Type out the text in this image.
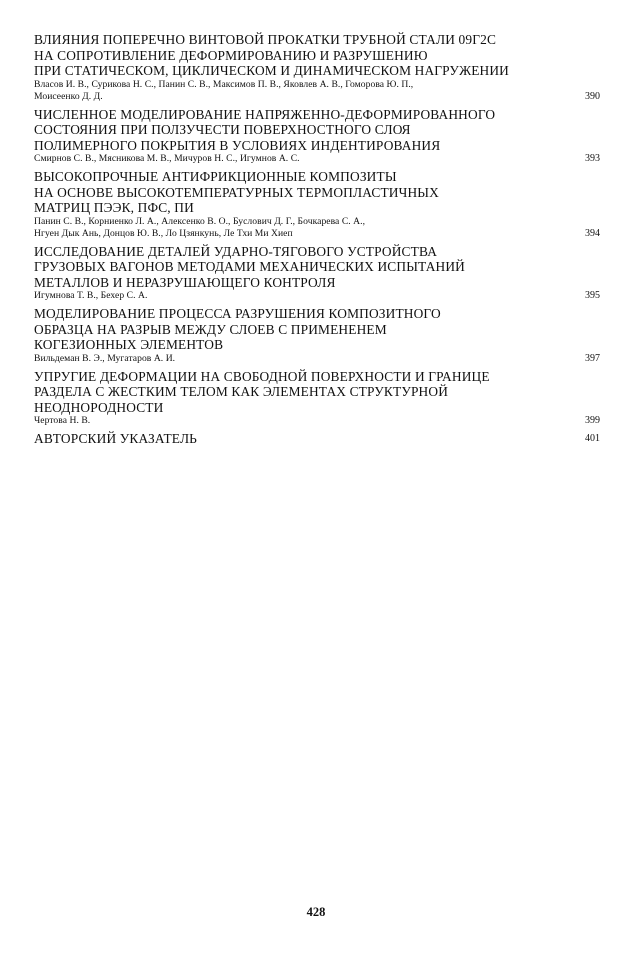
ВЛИЯНИЯ ПОПЕРЕЧНО ВИНТОВОЙ ПРОКАТКИ ТРУБНОЙ СТАЛИ 09Г2С
НА СОПРОТИВЛЕНИЕ ДЕФОРМИРОВАНИЮ И РАЗРУШЕНИЮ
ПРИ СТАТИЧЕСКОМ, ЦИКЛИЧЕСКОМ И ДИНАМИЧЕСКОМ НАГРУЖЕНИИ
Власов И. В., Сурикова Н. С., Панин С. В., Максимов П. В., Яковлев А. В., Гоморова Ю. П.,
Моисеенко Д. Д.	390
ЧИСЛЕННОЕ МОДЕЛИРОВАНИЕ НАПРЯЖЕННО-ДЕФОРМИРОВАННОГО
СОСТОЯНИЯ ПРИ ПОЛЗУЧЕСТИ ПОВЕРХНОСТНОГО СЛОЯ
ПОЛИМЕРНОГО ПОКРЫТИЯ В УСЛОВИЯХ ИНДЕНТИРОВАНИЯ
Смирнов С. В., Мясникова М. В., Мичуров Н. С., Игумнов А. С.	393
ВЫСОКОПРОЧНЫЕ АНТИФРИКЦИОННЫЕ КОМПОЗИТЫ
НА ОСНОВЕ ВЫСОКОТЕМПЕРАТУРНЫХ ТЕРМОПЛАСТИЧНЫХ
МАТРИЦ ПЭЭК, ПФС, ПИ
Панин С. В., Корниенко Л. А., Алексенко В. О., Буслович Д. Г., Бочкарева С. А.,
Нгуен Дык Ань, Донцов Ю. В., Ло Цзянкунь, Ле Тхи Ми Хиеп	394
ИССЛЕДОВАНИЕ ДЕТАЛЕЙ УДАРНО-ТЯГОВОГО УСТРОЙСТВА
ГРУЗОВЫХ ВАГОНОВ МЕТОДАМИ МЕХАНИЧЕСКИХ ИСПЫТАНИЙ
МЕТАЛЛОВ И НЕРАЗРУШАЮЩЕГО КОНТРОЛЯ
Игумнова Т. В., Бехер С. А.	395
МОДЕЛИРОВАНИЕ ПРОЦЕССА РАЗРУШЕНИЯ КОМПОЗИТНОГО
ОБРАЗЦА НА РАЗРЫВ МЕЖДУ СЛОЕВ С ПРИМЕНЕНЕМ
КОГЕЗИОННЫХ ЭЛЕМЕНТОВ
Вильдеман В. Э., Мугатаров А. И.	397
УПРУГИЕ ДЕФОРМАЦИИ НА СВОБОДНОЙ ПОВЕРХНОСТИ И ГРАНИЦЕ
РАЗДЕЛА С ЖЕСТКИМ ТЕЛОМ КАК ЭЛЕМЕНТАХ СТРУКТУРНОЙ
НЕОДНОРОДНОСТИ
Чертова Н. В.	399
АВТОРСКИЙ УКАЗАТЕЛЬ	401
428
